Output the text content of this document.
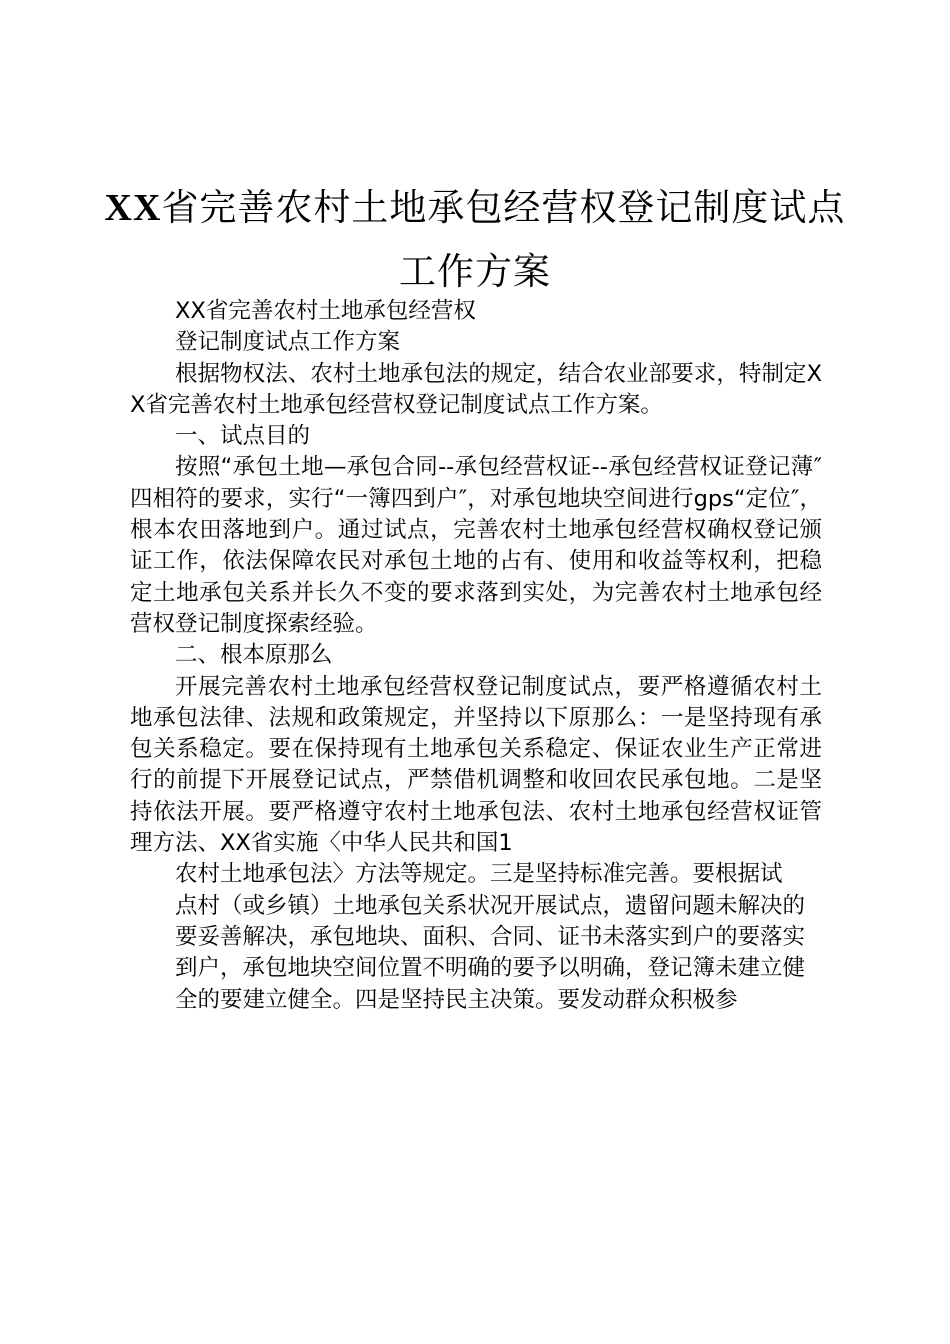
XX省完善农村土地承包经营权登记制度试点工作方案

XX省完善农村土地承包经营权

登记制度试点工作方案

根据物权法、农村土地承包法的规定，结合农业部要求，特制定XX省完善农村土地承包经营权登记制度试点工作方案。

一、试点目的

按照“承包土地—承包合同--承包经营权证--承包经营权证登记薄″四相符的要求，实行“一簿四到户″，对承包地块空间进行gps“定位″，根本农田落地到户。通过试点，完善农村土地承包经营权确权登记颁证工作，依法保障农民对承包土地的占有、使用和收益等权利，把稳定土地承包关系并长久不变的要求落到实处，为完善农村土地承包经营权登记制度探索经验。

二、根本原那么

开展完善农村土地承包经营权登记制度试点，要严格遵循农村土地承包法律、法规和政策规定，并坚持以下原那么：一是坚持现有承包关系稳定。要在保持现有土地承包关系稳定、保证农业生产正常进行的前提下开展登记试点，严禁借机调整和收回农民承包地。二是坚持依法开展。要严格遵守农村土地承包法、农村土地承包经营权证管理方法、XX省实施〈中华人民共和国1

农村土地承包法〉方法等规定。三是坚持标准完善。要根据试

点村（或乡镇）土地承包关系状况开展试点，遗留问题未解决的

要妥善解决，承包地块、面积、合同、证书未落实到户的要落实

到户，承包地块空间位置不明确的要予以明确，登记簿未建立健

全的要建立健全。四是坚持民主决策。要发动群众积极参
